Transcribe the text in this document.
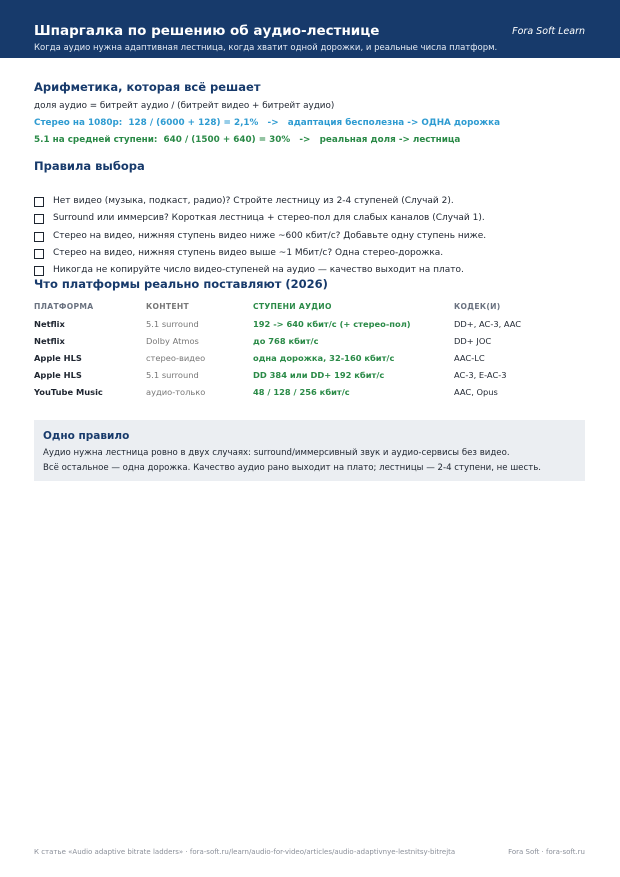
Шпаргалка по решению об аудио-лестнице	Fora Soft Learn
Когда аудио нужна адаптивная лестница, когда хватит одной дорожки, и реальные числа платформ.
Арифметика, которая всё решает
доля аудио = битрейт аудио / (битрейт видео + битрейт аудио)
Стерео на 1080p:  128 / (6000 + 128) = 2,1%   ->   адаптация бесполезна -> ОДНА дорожка
5.1 на средней ступени:  640 / (1500 + 640) = 30%   ->   реальная доля -> лестница
Правила выбора
Нет видео (музыка, подкаст, радио)? Стройте лестницу из 2-4 ступеней (Случай 2).
Surround или иммерсив? Короткая лестница + стерео-пол для слабых каналов (Случай 1).
Стерео на видео, нижняя ступень видео ниже ~600 кбит/с? Добавьте одну ступень ниже.
Стерео на видео, нижняя ступень видео выше ~1 Мбит/с? Одна стерео-дорожка.
Никогда не копируйте число видео-ступеней на аудио — качество выходит на плато.
Что платформы реально поставляют (2026)
ПЛАТФОРМА	КОНТЕНТ	СТУПЕНИ АУДИО	КОДЕК(И)
Netflix	5.1 surround	192 -> 640 кбит/с (+ стерео-пол)	DD+, AC-3, AAC
Netflix	Dolby Atmos	до 768 кбит/с	DD+ JOC
Apple HLS	стерео-видео	одна дорожка, 32-160 кбит/с	AAC-LC
Apple HLS	5.1 surround	DD 384 или DD+ 192 кбит/с	AC-3, E-AC-3
YouTube Music	аудио-только	48 / 128 / 256 кбит/с	AAC, Opus
Одно правило
Аудио нужна лестница ровно в двух случаях: surround/иммерсивный звук и аудио-сервисы без видео.
Всё остальное — одна дорожка. Качество аудио рано выходит на плато; лестницы — 2-4 ступени, не шесть.
К статье «Audio adaptive bitrate ladders» · fora-soft.ru/learn/audio-for-video/articles/audio-adaptivnye-lestnitsy-bitrejta	Fora Soft · fora-soft.ru
